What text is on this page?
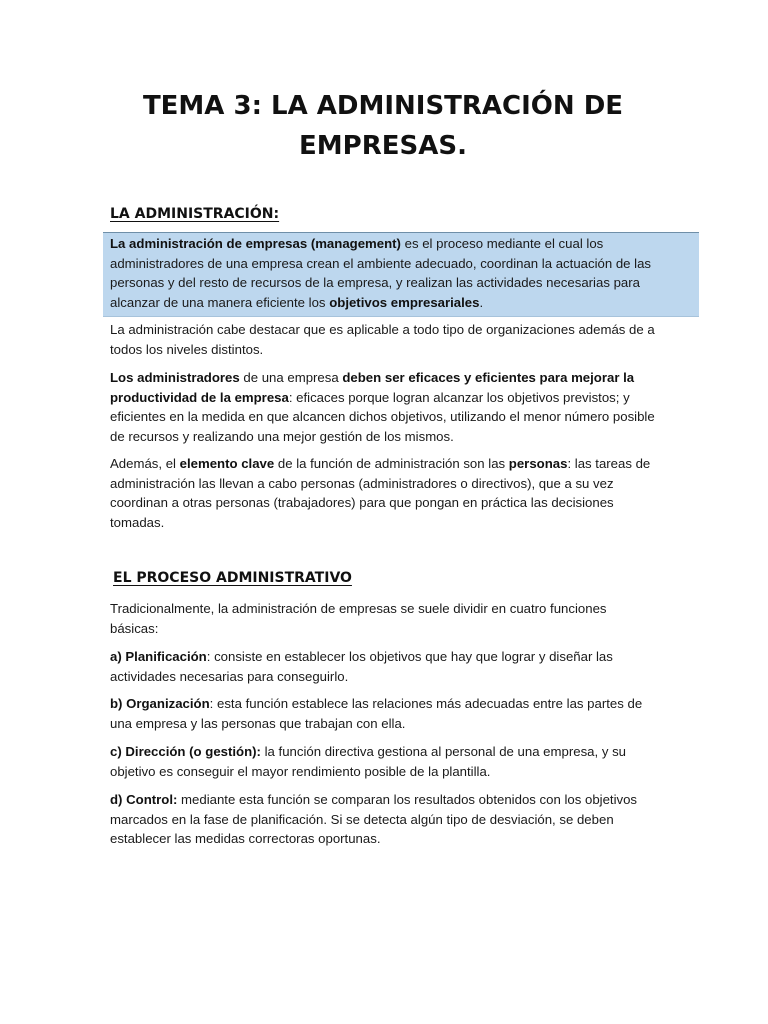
TEMA 3: LA ADMINISTRACIÓN DE EMPRESAS.
LA ADMINISTRACIÓN:

La administración de empresas (management) es el proceso mediante el cual los administradores de una empresa crean el ambiente adecuado, coordinan la actuación de las personas y del resto de recursos de la empresa, y realizan las actividades necesarias para alcanzar de una manera eficiente los objetivos empresariales.

La administración cabe destacar que es aplicable a todo tipo de organizaciones además de a todos los niveles distintos.

Los administradores de una empresa deben ser eficaces y eficientes para mejorar la productividad de la empresa: eficaces porque logran alcanzar los objetivos previstos; y eficientes en la medida en que alcancen dichos objetivos, utilizando el menor número posible de recursos y realizando una mejor gestión de los mismos.

Además, el elemento clave de la función de administración son las personas: las tareas de administración las llevan a cabo personas (administradores o directivos), que a su vez coordinan a otras personas (trabajadores) para que pongan en práctica las decisiones tomadas.

EL PROCESO ADMINISTRATIVO

Tradicionalmente, la administración de empresas se suele dividir en cuatro funciones básicas:

a) Planificación: consiste en establecer los objetivos que hay que lograr y diseñar las actividades necesarias para conseguirlo.

b) Organización: esta función establece las relaciones más adecuadas entre las partes de una empresa y las personas que trabajan con ella.

c) Dirección (o gestión): la función directiva gestiona al personal de una empresa, y su objetivo es conseguir el mayor rendimiento posible de la plantilla.

d) Control: mediante esta función se comparan los resultados obtenidos con los objetivos marcados en la fase de planificación. Si se detecta algún tipo de desviación, se deben establecer las medidas correctoras oportunas.
